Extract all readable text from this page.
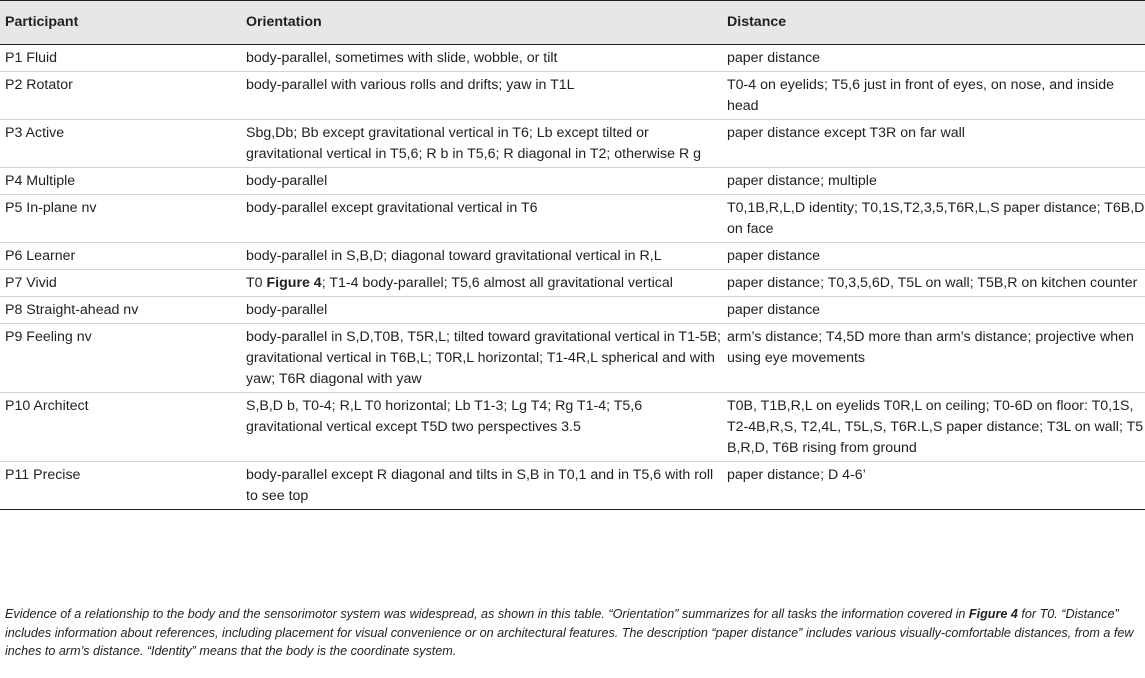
Participant	Orientation	Distance
P1 Fluid	body-parallel, sometimes with slide, wobble, or tilt	paper distance
P2 Rotator	body-parallel with various rolls and drifts; yaw in T1L	T0-4 on eyelids; T5,6 just in front of eyes, on nose, and inside head
P3 Active	Sbg,Db; Bb except gravitational vertical in T6; Lb except tilted or gravitational vertical in T5,6; R b in T5,6; R diagonal in T2; otherwise R g	paper distance except T3R on far wall
P4 Multiple	body-parallel	paper distance; multiple
P5 In-plane nv	body-parallel except gravitational vertical in T6	T0,1B,R,L,D identity; T0,1S,T2,3,5,T6R,L,S paper distance; T6B,D on face
P6 Learner	body-parallel in S,B,D; diagonal toward gravitational vertical in R,L	paper distance
P7 Vivid	T0 Figure 4; T1-4 body-parallel; T5,6 almost all gravitational vertical	paper distance; T0,3,5,6D, T5L on wall; T5B,R on kitchen counter
P8 Straight-ahead nv	body-parallel	paper distance
P9 Feeling nv	body-parallel in S,D,T0B, T5R,L; tilted toward gravitational vertical in T1-5B; gravitational vertical in T6B,L; T0R,L horizontal; T1-4R,L spherical and with yaw; T6R diagonal with yaw	arm’s distance; T4,5D more than arm’s distance; projective when using eye movements
P10 Architect	S,B,D b, T0-4; R,L T0 horizontal; Lb T1-3; Lg T4; Rg T1-4; T5,6 gravitational vertical except T5D two perspectives 3.5	T0B, T1B,R,L on eyelids T0R,L on ceiling; T0-6D on floor: T0,1S, T2-4B,R,S, T2,4L, T5L,S, T6R.L,S paper distance; T3L on wall; T5 B,R,D, T6B rising from ground
P11 Precise	body-parallel except R diagonal and tilts in S,B in T0,1 and in T5,6 with roll to see top	paper distance; D 4-6’
Evidence of a relationship to the body and the sensorimotor system was widespread, as shown in this table. “Orientation” summarizes for all tasks the information covered in Figure 4 for T0. “Distance” includes information about references, including placement for visual convenience or on architectural features. The description “paper distance” includes various visually-comfortable distances, from a few inches to arm’s distance. “Identity” means that the body is the coordinate system.
